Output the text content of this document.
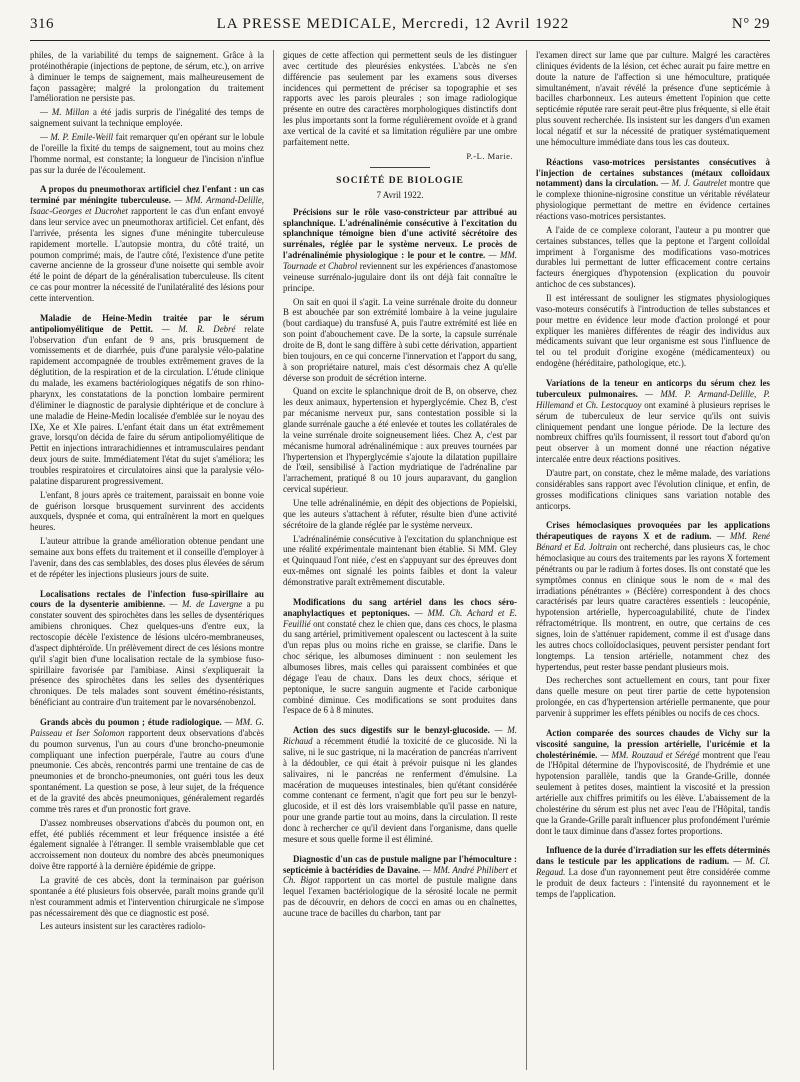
316	LA PRESSE MEDICALE, Mercredi, 12 Avril 1922	N° 29

philes, de la variabilité du temps de saignement. Grâce à la protéinothérapie (injections de peptone, de sérum, etc.), on arrive à diminuer le temps de saignement, mais malheureusement de façon passagère; malgré la prolongation du traitement l'amélioration ne persiste pas.

— M. Millan a été jadis surpris de l'inégalité des temps de saignement suivant la technique employée.

— M. P. Emile-Weill fait remarquer qu'en opérant sur le lobule de l'oreille la fixité du temps de saignement, tout au moins chez l'homme normal, est constante; la longueur de l'incision n'influe pas sur la durée de l'écoulement.

A propos du pneumothorax artificiel chez l'enfant : un cas terminé par méningite tuberculeuse. — MM. Armand-Delille, Isaac-Georges et Ducrohet rapportent le cas d'un enfant envoyé dans leur service avec un pneumothorax artificiel. Cet enfant, dès l'arrivée, présenta les signes d'une méningite tuberculeuse rapidement mortelle. L'autopsie montra, du côté traité, un poumon comprimé; mais, de l'autre côté, l'existence d'une petite caverne ancienne de la grosseur d'une noisette qui semble avoir été le point de départ de la généralisation tuberculeuse. Ils citent ce cas pour montrer la nécessité de l'unilatéralité des lésions pour cette intervention.

Maladie de Heine-Medin traitée par le sérum antipoliomyélitique de Pettit. — M. R. Debré relate l'observation d'un enfant de 9 ans, pris brusquement de vomissements et de diarrhée, puis d'une paralysie vélo-palatine rapidement accompagnée de troubles extrêmement graves de la déglutition, de la respiration et de la circulation. L'étude clinique du malade, les examens bactériologiques négatifs de son rhino-pharynx, les constatations de la ponction lombaire permirent d'éliminer le diagnostic de paralysie diphtérique et de conclure à une maladie de Heine-Medin localisée d'emblée sur le noyau des IXe, Xe et XIe paires. L'enfant était dans un état extrêmement grave, lorsqu'on décida de faire du sérum antipoliomyélitique de Pettit en injections intrarachidiennes et intramusculaires pendant deux jours de suite. Immédiatement l'état du sujet s'améliora; les troubles respiratoires et circulatoires ainsi que la paralysie vélo-palatine disparurent progressivement.

L'enfant, 8 jours après ce traitement, paraissait en bonne voie de guérison lorsque brusquement survinrent des accidents auxquels, dyspnée et coma, qui entraînèrent la mort en quelques heures.

L'auteur attribue la grande amélioration obtenue pendant une semaine aux bons effets du traitement et il conseille d'employer à l'avenir, dans des cas semblables, des doses plus élevées de sérum et de répéter les injections plusieurs jours de suite.

Localisations rectales de l'infection fuso-spirillaire au cours de la dysenterie amibienne. — M. de Lavergne a pu constater souvent des spirochètes dans les selles de dysentériques amibiens chroniques. Chez quelques-uns d'entre eux, la rectoscopie décèle l'existence de lésions ulcéro-membraneuses, d'aspect diphtéroïde. Un prélèvement direct de ces lésions montre qu'il s'agit bien d'une localisation rectale de la symbiose fuso-spirillaire favorisée par l'amibiase. Ainsi s'expliquerait la présence des spirochètes dans les selles des dysentériques chroniques. De tels malades sont souvent émétino-résistants, bénéficiant au contraire d'un traitement par le novarsénobenzol.

Grands abcès du poumon ; étude radiologique. — MM. G. Paisseau et Iser Solomon rapportent deux observations d'abcès du poumon survenus, l'un au cours d'une broncho-pneumonie compliquant une infection puerpérale, l'autre au cours d'une pneumonie. Ces abcès, rencontrés parmi une trentaine de cas de pneumonies et de broncho-pneumonies, ont guéri tous les deux spontanément. La question se pose, à leur sujet, de la fréquence et de la gravité des abcès pneumoniques, généralement regardés comme très rares et d'un pronostic fort grave.

D'assez nombreuses observations d'abcès du poumon ont, en effet, été publiés récemment et leur fréquence insistée a été également signalée à l'étranger. Il semble vraisemblable que cet accroissement non douteux du nombre des abcès pneumoniques doive être rapporté à la dernière épidémie de grippe.

La gravité de ces abcès, dont la terminaison par guérison spontanée a été plusieurs fois observée, paraît moins grande qu'il n'est couramment admis et l'intervention chirurgicale ne s'impose pas nécessairement dès que ce diagnostic est posé.

Les auteurs insistent sur les caractères radiolo-

giques de cette affection qui permettent seuls de les distinguer avec certitude des pleurésies enkystées. L'abcès ne s'en différencie pas seulement par les examens sous diverses incidences qui permettent de préciser sa topographie et ses rapports avec les parois pleurales ; son image radiologique présente en outre des caractères morphologiques distinctifs dont les plus importants sont la forme régulièrement ovoïde et à grand axe vertical de la cavité et sa limitation régulière par une ombre parfaitement nette.

P.-L. Marie.
SOCIÉTÉ DE BIOLOGIE
7 Avril 1922.

Précisions sur le rôle vaso-constricteur par attribué au splanchnique. L'adrénalinémie consécutive à l'excitation du splanchnique témoigne bien d'une activité sécrétoire des surrénales, réglée par le système nerveux. Le procès de l'adrénalinémie physiologique : le pour et le contre. — MM. Tournade et Chabrol reviennent sur les expériences d'anastomose veineuse surrénalo-jugulaire dont ils ont déjà fait connaître le principe.

On sait en quoi il s'agit. La veine surrénale droite du donneur B est abouchée par son extrémité lombaire à la veine jugulaire (bout cardiaque) du transfusé A, puis l'autre extrémité est liée en son point d'abouchement cave. De la sorte, la capsule surrénale droite de B, dont le sang diffère à subi cette dérivation, appartient bien toujours, en ce qui concerne l'innervation et l'apport du sang, à son propriétaire naturel, mais c'est désormais chez A qu'elle déverse son produit de sécrétion interne.

Quand on excite le splanchnique droit de B, on observe, chez les deux animaux, hypertension et hyperglycémie. Chez B, c'est par mécanisme nerveux pur, sans contestation possible si la glande surrénale gauche a été enlevée et toutes les collatérales de la veine surrénale droite soigneusement liées. Chez A, c'est par mécanisme humoral adrénalinémique : aux preuves tournées par l'hypertension et l'hyperglycémie s'ajoute la dilatation pupillaire de l'œil, sensibilisé à l'action mydriatique de l'adrénaline par l'arrachement, pratiqué 8 ou 10 jours auparavant, du ganglion cervical supérieur.

Une telle adrénalinémie, en dépit des objections de Popielski, que les auteurs s'attachent à réfuter, résulte bien d'une activité sécrétoire de la glande réglée par le système nerveux.

L'adrénalinémie consécutive à l'excitation du splanchnique est une réalité expérimentale maintenant bien établie. Si MM. Gley et Quinquaud l'ont niée, c'est en s'appuyant sur des épreuves dont eux-mêmes ont signalé les points faibles et dont la valeur démonstrative paraît extrêmement discutable.

Modifications du sang artériel dans les chocs séro-anaphylactiques et peptoniques. — MM. Ch. Achard et E. Feuillié ont constaté chez le chien que, dans ces chocs, le plasma du sang artériel, primitivement opalescent ou lactescent à la suite d'un repas plus ou moins riche en graisse, se clarifie. Dans le choc sérique, les albumoses diminuent : non seulement les albumoses libres, mais celles qui paraissent combinées et que dégage l'eau de chaux. Dans les deux chocs, sérique et peptonique, le sucre sanguin augmente et l'acide carbonique combiné diminue. Ces modifications se sont produites dans l'espace de 6 à 8 minutes.

Action des sucs digestifs sur le benzyl-glucoside. — M. Richaud a récemment étudié la toxicité de ce glucoside. Ni la salive, ni le suc gastrique, ni la macération de pancréas n'arrivent à la dédoubler, ce qui était à prévoir puisque ni les glandes salivaires, ni le pancréas ne renferment d'émulsine. La macération de muqueuses intestinales, bien qu'étant considérée comme contenant ce ferment, n'agit que fort peu sur le benzyl-glucoside, et il est dès lors vraisemblable qu'il passe en nature, pour une grande partie tout au moins, dans la circulation. Il reste donc à rechercher ce qu'il devient dans l'organisme, dans quelle mesure et sous quelle forme il est éliminé.

Diagnostic d'un cas de pustule maligne par l'hémoculture : septicémie à bactéridies de Davaine. — MM. André Philibert et Ch. Bigot rapportent un cas mortel de pustule maligne dans lequel l'examen bactériologique de la sérosité locale ne permit pas de découvrir, en dehors de cocci en amas ou en chaînettes, aucune trace de bacilles du charbon, tant par

l'examen direct sur lame que par culture. Malgré les caractères cliniques évidents de la lésion, cet échec aurait pu faire mettre en doute la nature de l'affection si une hémoculture, pratiquée simultanément, n'avait révélé la présence d'une septicémie à bacilles charbonneux. Les auteurs émettent l'opinion que cette septicémie réputée rare serait peut-être plus fréquente, si elle était plus souvent recherchée. Ils insistent sur les dangers d'un examen local négatif et sur la nécessité de pratiquer systématiquement une hémoculture immédiate dans tous les cas douteux.

Réactions vaso-motrices persistantes consécutives à l'injection de certaines substances (métaux colloïdaux notamment) dans la circulation. — M. J. Gautrelet montre que le complexe thionine-nigrosine constitue un véritable révélateur physiologique permettant de mettre en évidence certaines réactions vaso-motrices persistantes.

A l'aide de ce complexe colorant, l'auteur a pu montrer que certaines substances, telles que la peptone et l'argent colloïdal impriment à l'organisme des modifications vaso-motrices durables lui permettant de lutter efficacement contre certains facteurs énergiques d'hypotension (explication du pouvoir antichoc de ces substances).

Il est intéressant de souligner les stigmates physiologiques vaso-moteurs consécutifs à l'introduction de telles substances et pour mettre en évidence leur mode d'action prolongé et pour expliquer les manières différentes de réagir des individus aux médicaments suivant que leur organisme est sous l'influence de tel ou tel produit d'origine exogène (médicamenteux) ou endogène (héréditaire, pathologique, etc.).

Variations de la teneur en anticorps du sérum chez les tuberculeux pulmonaires. — MM. P. Armand-Delille, P. Hillemand et Ch. Lestocquoy ont examiné à plusieurs reprises le sérum de tuberculeux de leur service qu'ils ont suivis cliniquement pendant une longue période. De la lecture des nombreux chiffres qu'ils fournissent, il ressort tout d'abord qu'on peut observer à un moment donné une réaction négative intercalée entre deux réactions positives.

D'autre part, on constate, chez le même malade, des variations considérables sans rapport avec l'évolution clinique, et enfin, de grosses modifications cliniques sans variation notable des anticorps.

Crises hémoclasiques provoquées par les applications thérapeutiques de rayons X et de radium. — MM. René Bénard et Ed. Joltrain ont recherché, dans plusieurs cas, le choc hémoclasique au cours des traitements par les rayons X fortement pénétrants ou par le radium à fortes doses. Ils ont constaté que les symptômes connus en clinique sous le nom de « mal des irradiations pénétrantes » (Béclère) correspondent à des chocs caractérisés par leurs quatre caractères essentiels : leucopénie, hypotension artérielle, hypercoagulabilité, chute de l'index réfractométrique. Ils montrent, en outre, que certains de ces signes, loin de s'atténuer rapidement, comme il est d'usage dans les autres chocs colloïdoclasiques, peuvent persister pendant fort longtemps. La tension artérielle, notamment chez des hypertendus, peut rester basse pendant plusieurs mois.

Des recherches sont actuellement en cours, tant pour fixer dans quelle mesure on peut tirer partie de cette hypotension prolongée, en cas d'hypertension artérielle permanente, que pour parvenir à supprimer les effets pénibles ou nocifs de ces chocs.

Action comparée des sources chaudes de Vichy sur la viscosité sanguine, la pression artérielle, l'uricémie et la cholestérinémie. — MM. Rouzaud et Sérégé montrent que l'eau de l'Hôpital détermine de l'hypoviscosité, de l'hydrémie et une hypotension parallèle, tandis que la Grande-Grille, donnée seulement à petites doses, maintient la viscosité et la pression artérielle aux chiffres primitifs ou les élève. L'abaissement de la cholestérine du sérum est plus net avec l'eau de l'Hôpital, tandis que la Grande-Grille paraît influencer plus profondément l'urémie dont le taux diminue dans d'assez fortes proportions.

Influence de la durée d'irradiation sur les effets déterminés dans le testicule par les applications de radium. — M. Cl. Regaud. La dose d'un rayonnement peut être considérée comme le produit de deux facteurs : l'intensité du rayonnement et le temps de l'application.
